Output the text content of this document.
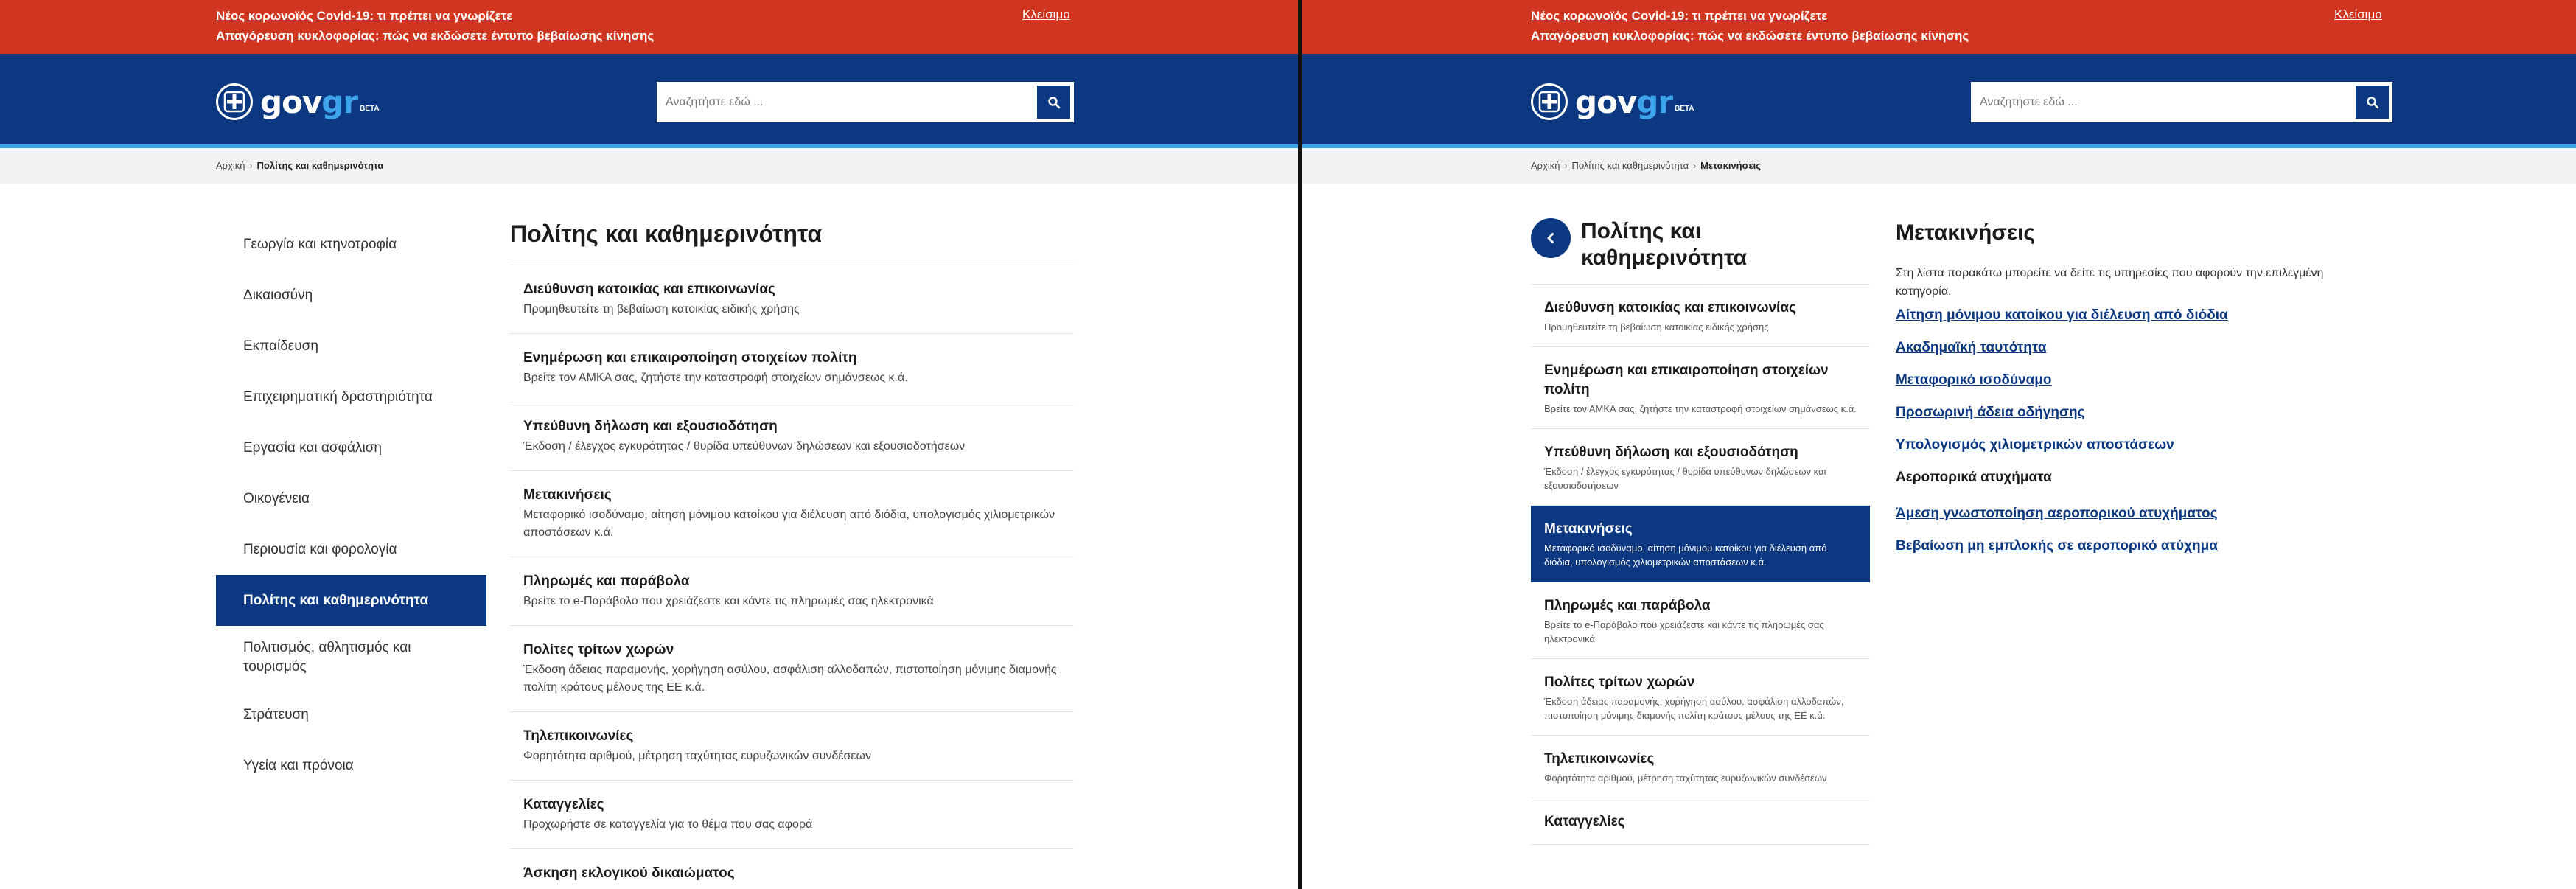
Νέος κορωνοϊός Covid-19: τι πρέπει να γνωρίζετε
Απαγόρευση κυκλοφορίας: πώς να εκδώσετε έντυπο βεβαίωσης κίνησης
Κλείσιμο
govgr BETA
Αναζητήστε εδώ ...
Αρχική › Πολίτης και καθημερινότητα
Γεωργία και κτηνοτροφία
Δικαιοσύνη
Εκπαίδευση
Επιχειρηματική δραστηριότητα
Εργασία και ασφάλιση
Οικογένεια
Περιουσία και φορολογία
Πολίτης και καθημερινότητα
Πολιτισμός, αθλητισμός και τουρισμός
Στράτευση
Υγεία και πρόνοια
Πολίτης και καθημερινότητα
Διεύθυνση κατοικίας και επικοινωνίας
Προμηθευτείτε τη βεβαίωση κατοικίας ειδικής χρήσης
Ενημέρωση και επικαιροποίηση στοιχείων πολίτη
Βρείτε τον ΑΜΚΑ σας, ζητήστε την καταστροφή στοιχείων σημάνσεως κ.ά.
Υπεύθυνη δήλωση και εξουσιοδότηση
Έκδοση / έλεγχος εγκυρότητας / θυρίδα υπεύθυνων δηλώσεων και εξουσιοδοτήσεων
Μετακινήσεις
Μεταφορικό ισοδύναμο, αίτηση μόνιμου κατοίκου για διέλευση από διόδια, υπολογισμός χιλιομετρικών αποστάσεων κ.ά.
Πληρωμές και παράβολα
Βρείτε το e-Παράβολο που χρειάζεστε και κάντε τις πληρωμές σας ηλεκτρονικά
Πολίτες τρίτων χωρών
Έκδοση άδειας παραμονής, χορήγηση ασύλου, ασφάλιση αλλοδαπών, πιστοποίηση μόνιμης διαμονής πολίτη κράτους μέλους της ΕΕ κ.ά.
Τηλεπικοινωνίες
Φορητότητα αριθμού, μέτρηση ταχύτητας ευρυζωνικών συνδέσεων
Καταγγελίες
Προχωρήστε σε καταγγελία για το θέμα που σας αφορά
Άσκηση εκλογικού δικαιώματος
Νέος κορωνοϊός Covid-19: τι πρέπει να γνωρίζετε
Απαγόρευση κυκλοφορίας: πώς να εκδώσετε έντυπο βεβαίωσης κίνησης
Κλείσιμο
govgr BETA
Αναζητήστε εδώ ...
Αρχική › Πολίτης και καθημερινότητα › Μετακινήσεις
Πολίτης και καθημερινότητα
Διεύθυνση κατοικίας και επικοινωνίας
Προμηθευτείτε τη βεβαίωση κατοικίας ειδικής χρήσης
Ενημέρωση και επικαιροποίηση στοιχείων πολίτη
Βρείτε τον ΑΜΚΑ σας, ζητήστε την καταστροφή στοιχείων σημάνσεως κ.ά.
Υπεύθυνη δήλωση και εξουσιοδότηση
Έκδοση / έλεγχος εγκυρότητας / θυρίδα υπεύθυνων δηλώσεων και εξουσιοδοτήσεων
Μετακινήσεις
Μεταφορικό ισοδύναμο, αίτηση μόνιμου κατοίκου για διέλευση από διόδια, υπολογισμός χιλιομετρικών αποστάσεων κ.ά.
Πληρωμές και παράβολα
Βρείτε το e-Παράβολο που χρειάζεστε και κάντε τις πληρωμές σας ηλεκτρονικά
Πολίτες τρίτων χωρών
Έκδοση άδειας παραμονής, χορήγηση ασύλου, ασφάλιση αλλοδαπών, πιστοποίηση μόνιμης διαμονής πολίτη κράτους μέλους της ΕΕ κ.ά.
Τηλεπικοινωνίες
Φορητότητα αριθμού, μέτρηση ταχύτητας ευρυζωνικών συνδέσεων
Καταγγελίες
Μετακινήσεις

Στη λίστα παρακάτω μπορείτε να δείτε τις υπηρεσίες που αφορούν την επιλεγμένη
κατηγορία.

Αίτηση μόνιμου κατοίκου για διέλευση από διόδια
Ακαδημαϊκή ταυτότητα
Μεταφορικό ισοδύναμο
Προσωρινή άδεια οδήγησης
Υπολογισμός χιλιομετρικών αποστάσεων
Αεροπορικά ατυχήματα
Άμεση γνωστοποίηση αεροπορικού ατυχήματος
Βεβαίωση μη εμπλοκής σε αεροπορικό ατύχημα
